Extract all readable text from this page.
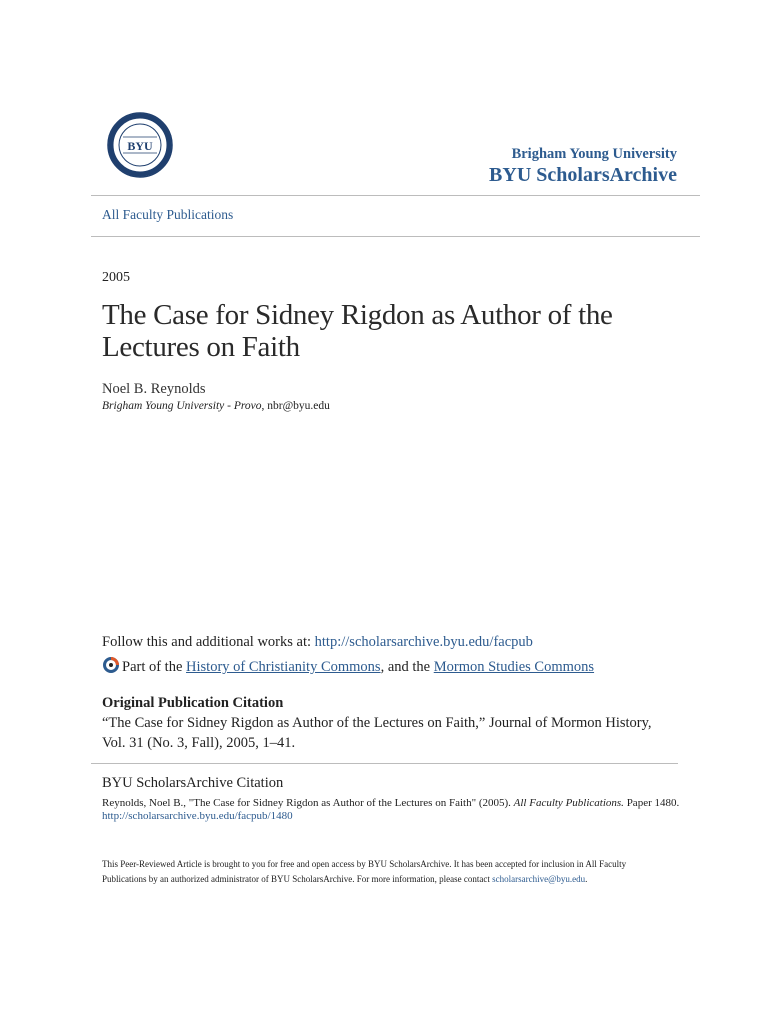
BYU	Brigham Young University
BYU ScholarsArchive
All Faculty Publications
2005
The Case for Sidney Rigdon as Author of the Lectures on Faith
Noel B. Reynolds
Brigham Young University - Provo, nbr@byu.edu
Follow this and additional works at: http://scholarsarchive.byu.edu/facpub
Part of the History of Christianity Commons, and the Mormon Studies Commons
Original Publication Citation
“The Case for Sidney Rigdon as Author of the Lectures on Faith,” Journal of Mormon History, Vol. 31 (No. 3, Fall), 2005, 1–41.
BYU ScholarsArchive Citation
Reynolds, Noel B., "The Case for Sidney Rigdon as Author of the Lectures on Faith" (2005). All Faculty Publications. Paper 1480.
http://scholarsarchive.byu.edu/facpub/1480
This Peer-Reviewed Article is brought to you for free and open access by BYU ScholarsArchive. It has been accepted for inclusion in All Faculty Publications by an authorized administrator of BYU ScholarsArchive. For more information, please contact scholarsarchive@byu.edu.
